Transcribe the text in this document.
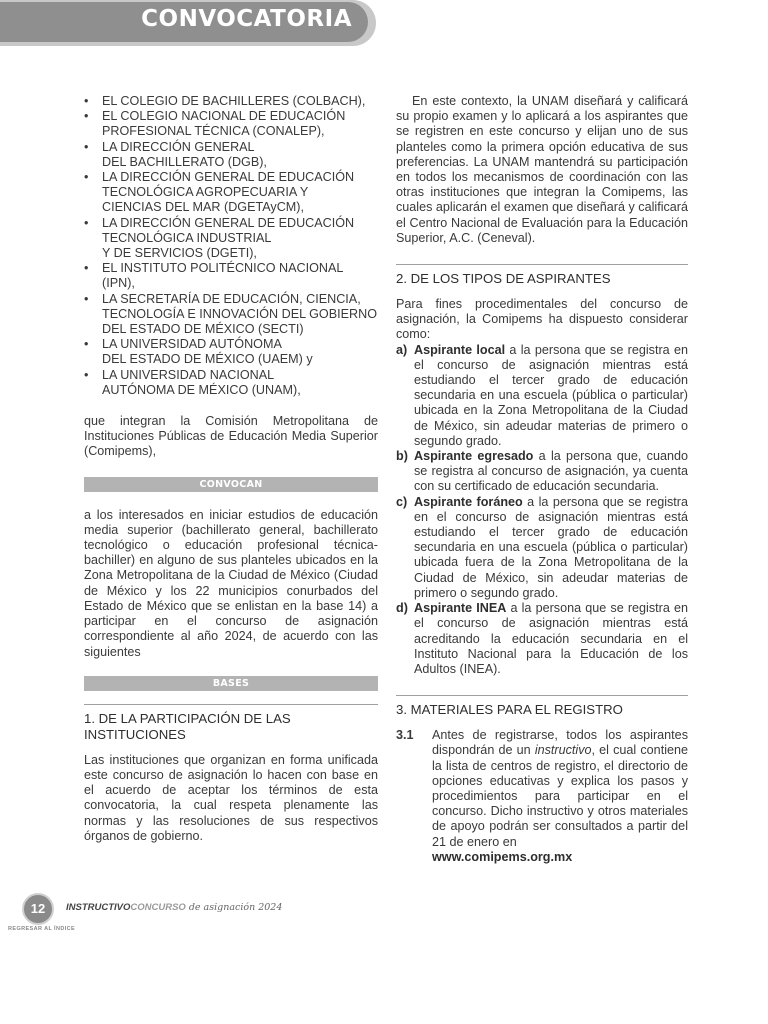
CONVOCATORIA
• EL COLEGIO DE BACHILLERES (COLBACH),
• EL COLEGIO NACIONAL DE EDUCACIÓN
PROFESIONAL TÉCNICA (CONALEP),
• LA DIRECCIÓN GENERAL
DEL BACHILLERATO (DGB),
• LA DIRECCIÓN GENERAL DE EDUCACIÓN
TECNOLÓGICA AGROPECUARIA Y
CIENCIAS DEL MAR (DGETAyCM),
• LA DIRECCIÓN GENERAL DE EDUCACIÓN
TECNOLÓGICA INDUSTRIAL
Y DE SERVICIOS (DGETI),
• EL INSTITUTO POLITÉCNICO NACIONAL (IPN),
• LA SECRETARÍA DE EDUCACIÓN, CIENCIA,
TECNOLOGÍA E INNOVACIÓN DEL GOBIERNO
DEL ESTADO DE MÉXICO (SECTI)
• LA UNIVERSIDAD AUTÓNOMA
DEL ESTADO DE MÉXICO (UAEM) y
• LA UNIVERSIDAD NACIONAL
AUTÓNOMA DE MÉXICO (UNAM),

que integran la Comisión Metropolitana de Instituciones Públicas de Educación Media Superior (Comipems),

CONVOCAN

a los interesados en iniciar estudios de educación media superior (bachillerato general, bachillerato tecnológico o educación profesional técnica-bachiller) en alguno de sus planteles ubicados en la Zona Metropolitana de la Ciudad de México (Ciudad de México y los 22 municipios conurbados del Estado de México que se enlistan en la base 14) a participar en el concurso de asignación correspondiente al año 2024, de acuerdo con las siguientes

BASES
1. DE LA PARTICIPACIÓN DE LAS INSTITUCIONES

Las instituciones que organizan en forma unificada este concurso de asignación lo hacen con base en el acuerdo de aceptar los términos de esta convocatoria, la cual respeta plenamente las normas y las resoluciones de sus respectivos órganos de gobierno.

En este contexto, la UNAM diseñará y calificará su propio examen y lo aplicará a los aspirantes que se registren en este concurso y elijan uno de sus planteles como la primera opción educativa de sus preferencias. La UNAM mantendrá su participación en todos los mecanismos de coordinación con las otras instituciones que integran la Comipems, las cuales aplicarán el examen que diseñará y calificará el Centro Nacional de Evaluación para la Educación Superior, A.C. (Ceneval).

2. DE LOS TIPOS DE ASPIRANTES

Para fines procedimentales del concurso de asignación, la Comipems ha dispuesto considerar como:

a) Aspirante local a la persona que se registra en el concurso de asignación mientras está estudiando el tercer grado de educación secundaria en una escuela (pública o particular) ubicada en la Zona Metropolitana de la Ciudad de México, sin adeudar materias de primero o segundo grado.
b) Aspirante egresado a la persona que, cuando se registra al concurso de asignación, ya cuenta con su certificado de educación secundaria.
c) Aspirante foráneo a la persona que se registra en el concurso de asignación mientras está estudiando el tercer grado de educación secundaria en una escuela (pública o particular) ubicada fuera de la Zona Metropolitana de la Ciudad de México, sin adeudar materias de primero o segundo grado.
d) Aspirante INEA a la persona que se registra en el concurso de asignación mientras está acreditando la educación secundaria en el Instituto Nacional para la Educación de los Adultos (INEA).
3. MATERIALES PARA EL REGISTRO
3.1 Antes de registrarse, todos los aspirantes dispondrán de un instructivo, el cual contiene la lista de centros de registro, el directorio de opciones educativas y explica los pasos y procedimientos para participar en el concurso. Dicho instructivo y otros materiales de apoyo podrán ser consultados a partir del 21 de enero en
www.comipems.org.mx
12	INSTRUCTIVOCONCURSO de asignación 2024
REGRESAR AL ÍNDICE
